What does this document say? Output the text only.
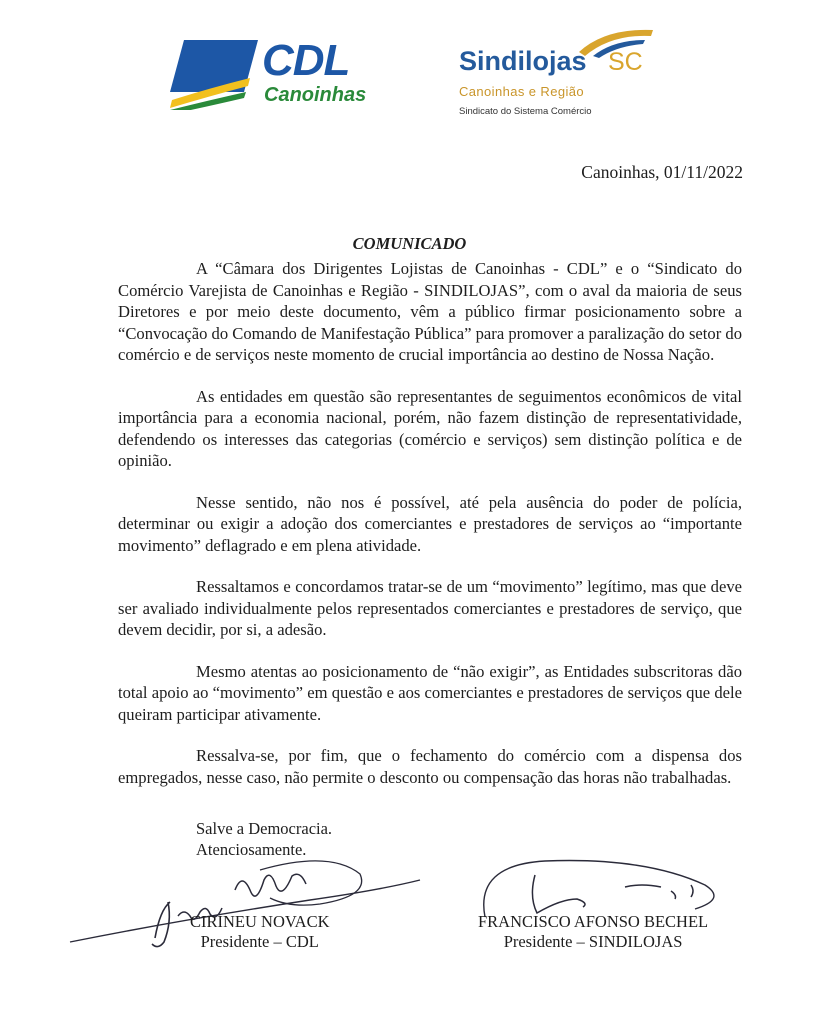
CDL
Canoinhas
Sindilojas SC
Canoinhas e Região
Sindicato do Sistema Comércio
Canoinhas, 01/11/2022
COMUNICADO

A “Câmara dos Dirigentes Lojistas de Canoinhas - CDL” e o “Sindicato do Comércio Varejista de Canoinhas e Região - SINDILOJAS”, com o aval da maioria de seus Diretores e por meio deste documento, vêm a público firmar posicionamento sobre a “Convocação do Comando de Manifestação Pública” para promover a paralização do setor do comércio e de serviços neste momento de crucial importância ao destino de Nossa Nação.

As entidades em questão são representantes de seguimentos econômicos de vital importância para a economia nacional, porém, não fazem distinção de representatividade, defendendo os interesses das categorias (comércio e serviços) sem distinção política e de opinião.

Nesse sentido, não nos é possível, até pela ausência do poder de polícia, determinar ou exigir a adoção dos comerciantes e prestadores de serviços ao “importante movimento” deflagrado e em plena atividade.

Ressaltamos e concordamos tratar-se de um “movimento” legítimo, mas que deve ser avaliado individualmente pelos representados comerciantes e prestadores de serviço, que devem decidir, por si, a adesão.

Mesmo atentas ao posicionamento de “não exigir”, as Entidades subscritoras dão total apoio ao “movimento” em questão e aos comerciantes e prestadores de serviços que dele queiram participar ativamente.

Ressalva-se, por fim, que o fechamento do comércio com a dispensa dos empregados, nesse caso, não permite o desconto ou compensação das horas não trabalhadas.

Salve a Democracia.
Atenciosamente.
CIRINEU NOVACK
Presidente – CDL
FRANCISCO AFONSO BECHEL
Presidente – SINDILOJAS
